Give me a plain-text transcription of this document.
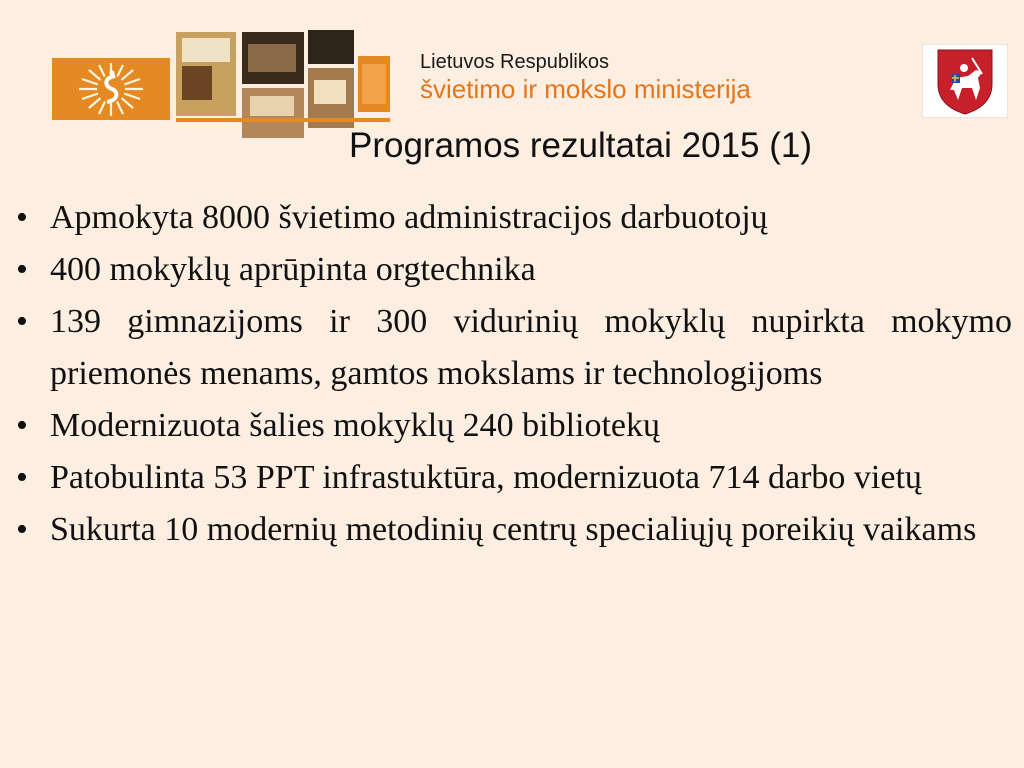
Lietuvos Respublikos
švietimo ir mokslo ministerija
Programos rezultatai 2015 (1)
• Apmokyta 8000 švietimo administracijos darbuotojų
• 400 mokyklų aprūpinta orgtechnika
• 139 gimnazijoms ir 300 vidurinių mokyklų nupirkta mokymo priemonės menams, gamtos mokslams ir technologijoms
• Modernizuota šalies mokyklų 240 bibliotekų
• Patobulinta 53 PPT infrastuktūra, modernizuota 714 darbo vietų
• Sukurta 10 modernių metodinių centrų specialiųjų poreikių vaikams
